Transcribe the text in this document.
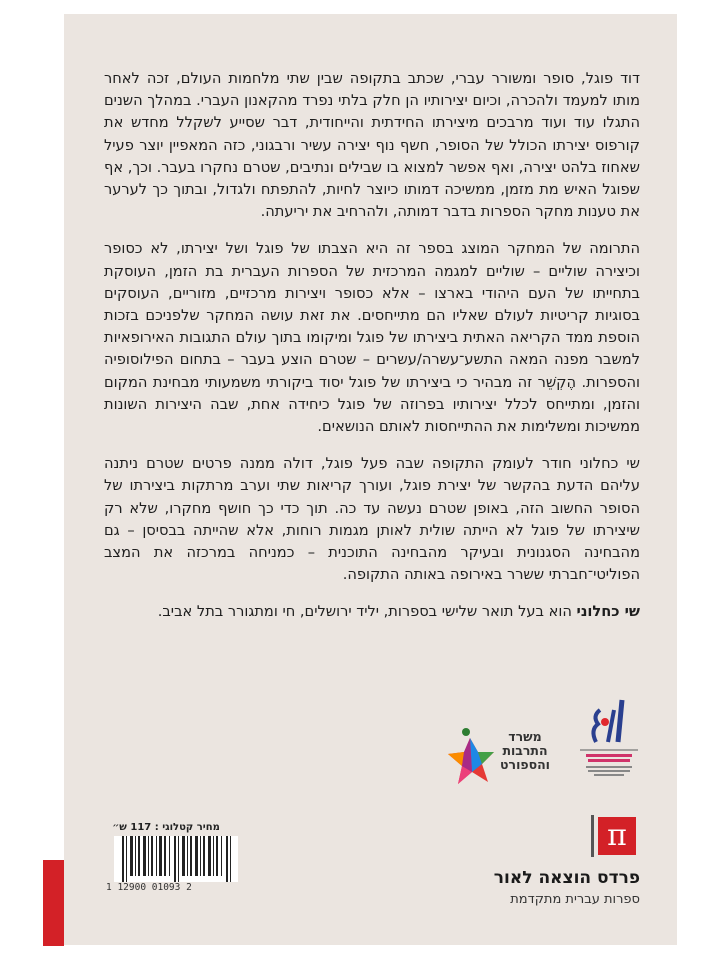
דוד פוגל, סופר ומשורר עברי, שכתב בתקופה שבין שתי מלחמות העולם, זכה לאחר מותו למעמד ולהכרה, וכיום יצירותיו הן חלק בלתי נפרד מהקאנון העברי. במהלך השנים התגלו עוד ועוד מרבכים מיצירתו החידתית והייחודית, דבר שסייע לשקלל מחדש את קורפוס יצירתו הכולל של הסופר, חשף נוף יצירה עשיר ורבגוני, כזה המאפיין יוצר פעיל שאחוז בלהט יצירה, ואף אפשר למצוא בו שבילים ונתיבים, שטרם נחקרו בעבר. וכך, אף שפוגל האיש מת מזמן, ממשיכה דמותו כיוצר לחיות, להתפתח ולגדול, ובתוך כך לערער את טענות מחקר הספרות בדבר דמותה, ולהרחיב את יריעתה.

התרומה של המחקר המוצג בספר זה היא הצבתו של פוגל ושל יצירתו, לא כסופר וכיצירה שוליים – שוליים למגמה המרכזית של הספרות העברית בת הזמן, העוסקת בתחייתו של העם היהודי בארצו – אלא כסופר ויצירות מרכזיים, מזוריים, העוסקים בסוגיות קריטיות לעולם שאליו הם מתייחסים. את זאת עושה המחקר שלפניכם בזכות הוספת ממד הקריאה האתית ביצירתו של פוגל ומיקומו בתוך עולם התגובות האירופאיות למשבר מפנה המאה התשע־עשרה/עשרים – שטרם הוצע בעבר – בתחום הפילוסופיה והספרות. הֶקְשֵׁר זה מבהיר כי ביצירתו של פוגל יסוד ביקורתי משמעותי מבחינת המקום והזמן, ומתייחס לכלל יצירותיו בפרוזה של פוגל כיחידה אחת, שבה היצירות השונות ממשיכות ומשלימות את ההתייחסות לאותם הנושאים.

שי כחלוני חודר לעומק התקופה שבה פעל פוגל, דולה ממנה פרטים שטרם ניתנה עליהם הדעת בהקשר של יצירת פוגל, ועורך קריאות שתי וערב מרתקות ביצירתו של הסופר החשוב הזה, באופן שטרם נעשה עד כה. תוך כדי כך חושף מחקרו, שלא רק שיצירתו של פוגל לא הייתה שולית לאותן מגמות רוחות, אלא שהייתה בבסיסן – גם מהבחינה הסגנונית ובעיקר מהבחינה התוכנית – כמניחה במרכזה את המצב הפוליטי־חברתי ששרר באירופה באותה התקופה.

שי כחלוני הוא בעל תואר שלישי בספרות, יליד ירושלים, חי ומתגורר בתל אביב.

משרד
התרבות
והספורט
מחיר קטלוגי : 117 ש״
1 12900 01093 2
π
פרדס הוצאה לאור
ספרות עברית מתקדמת
